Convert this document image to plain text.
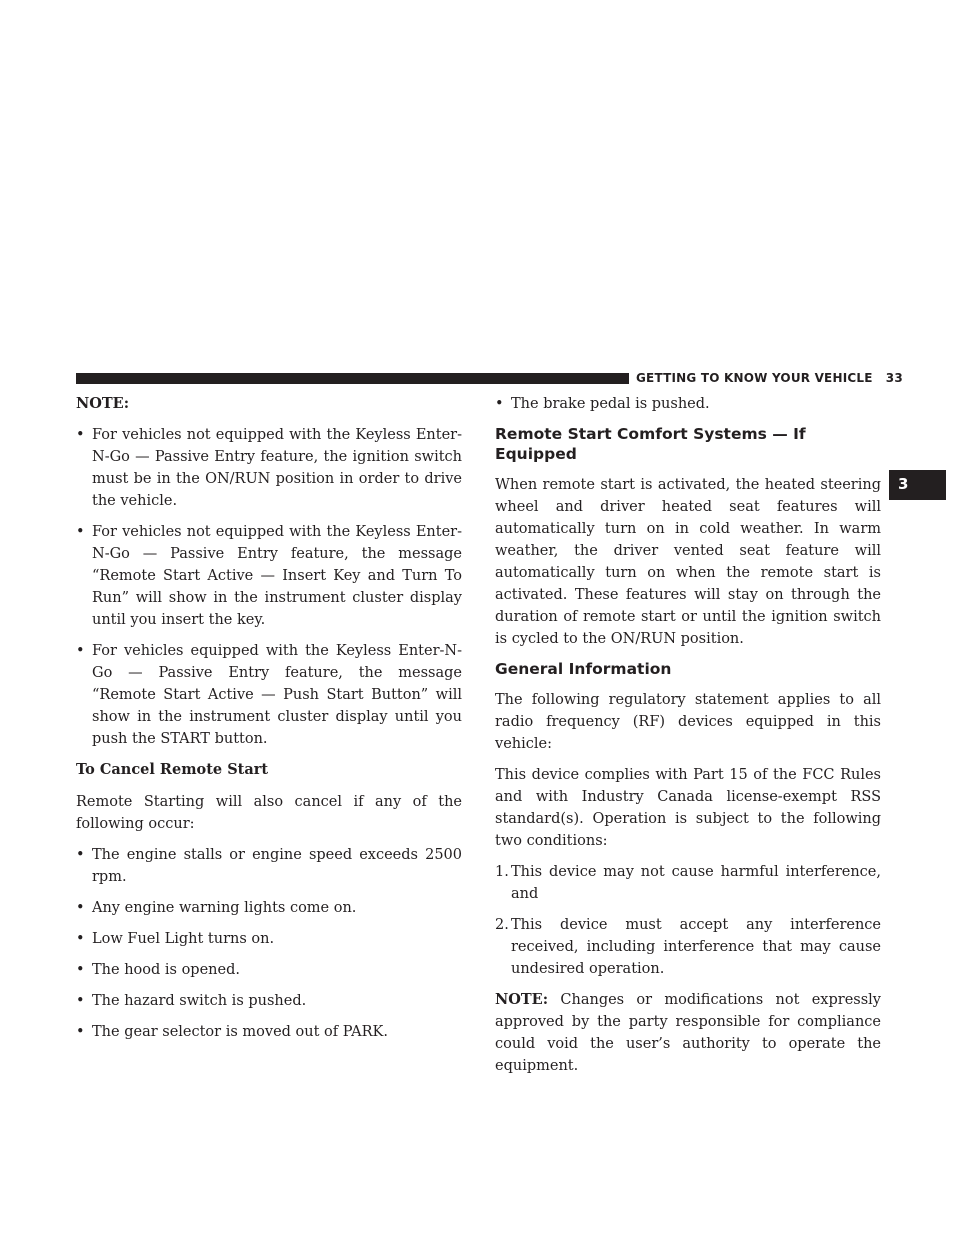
GETTING TO KNOW YOUR VEHICLE 33
3

NOTE:

• For vehicles not equipped with the Keyless Enter-N-Go — Passive Entry feature, the ignition switch must be in the ON/RUN position in order to drive the vehicle.
• For vehicles not equipped with the Keyless Enter-N-Go — Passive Entry feature, the message “Remote Start Active — Insert Key and Turn To Run” will show in the instrument cluster display until you insert the key.
• For vehicles equipped with the Keyless Enter-N-Go — Passive Entry feature, the message “Remote Start Active — Push Start Button” will show in the instrument cluster display until you push the START button.

To Cancel Remote Start

Remote Starting will also cancel if any of the following occur:

• The engine stalls or engine speed exceeds 2500 rpm.
• Any engine warning lights come on.
• Low Fuel Light turns on.
• The hood is opened.
• The hazard switch is pushed.
• The gear selector is moved out of PARK.
• The brake pedal is pushed.
Remote Start Comfort Systems — If Equipped

When remote start is activated, the heated steering wheel and driver heated seat features will automatically turn on in cold weather. In warm weather, the driver vented seat feature will automatically turn on when the remote start is activated. These features will stay on through the duration of remote start or until the ignition switch is cycled to the ON/RUN position.

General Information

The following regulatory statement applies to all radio frequency (RF) devices equipped in this vehicle:

This device complies with Part 15 of the FCC Rules and with Industry Canada license-exempt RSS standard(s). Operation is subject to the following two conditions:

1. This device may not cause harmful interference, and
2. This device must accept any interference received, including interference that may cause undesired operation.

NOTE: Changes or modifications not expressly approved by the party responsible for compliance could void the user’s authority to operate the equipment.
